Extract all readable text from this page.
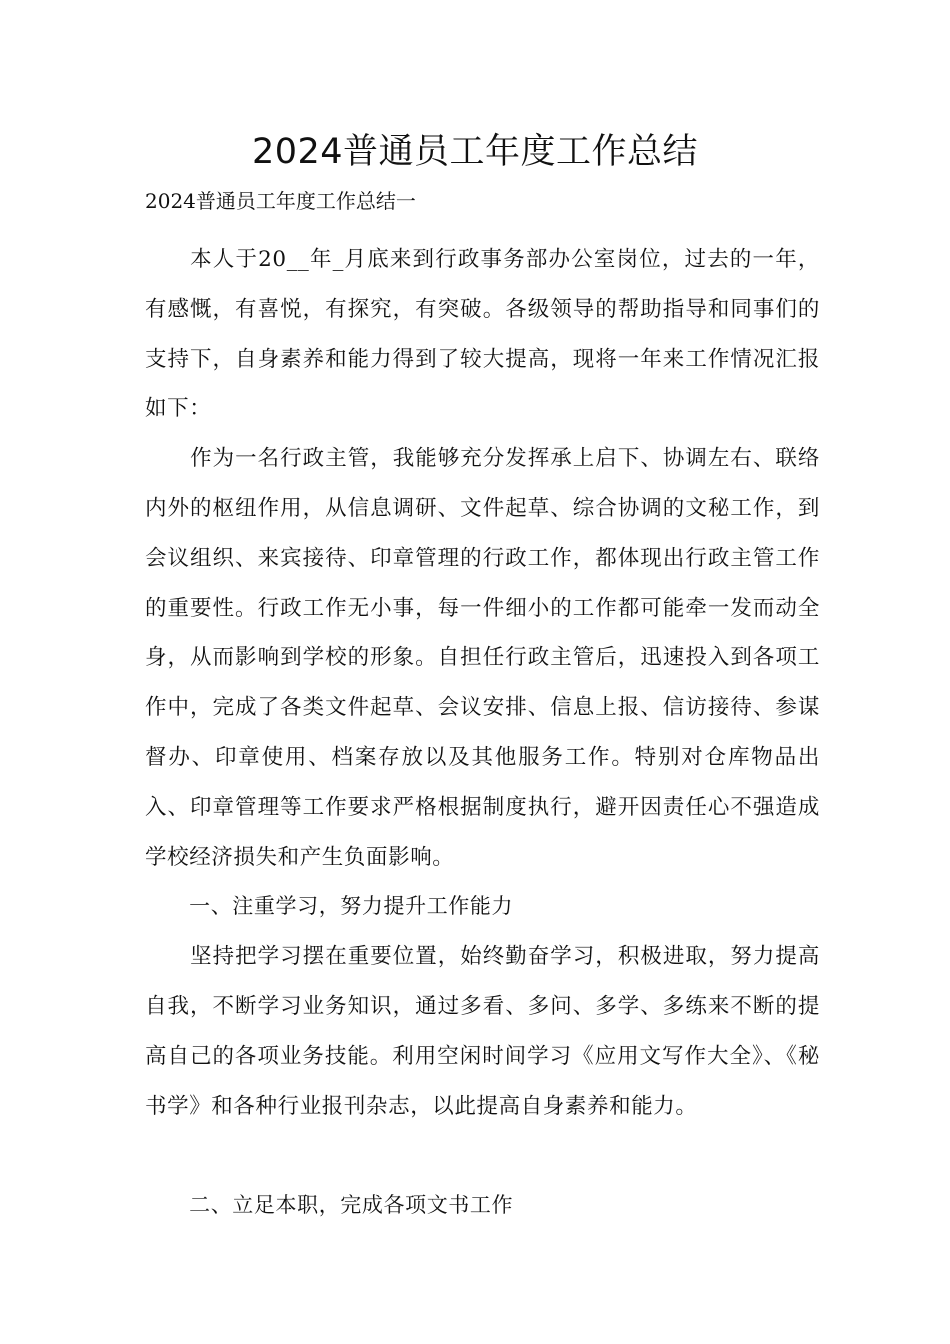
2024普通员工年度工作总结

2024普通员工年度工作总结一

本人于20__年_月底来到行政事务部办公室岗位，过去的一年，有感慨，有喜悦，有探究，有突破。各级领导的帮助指导和同事们的支持下，自身素养和能力得到了较大提高，现将一年来工作情况汇报如下：

作为一名行政主管，我能够充分发挥承上启下、协调左右、联络内外的枢纽作用，从信息调研、文件起草、综合协调的文秘工作，到会议组织、来宾接待、印章管理的行政工作，都体现出行政主管工作的重要性。行政工作无小事，每一件细小的工作都可能牵一发而动全身，从而影响到学校的形象。自担任行政主管后，迅速投入到各项工作中，完成了各类文件起草、会议安排、信息上报、信访接待、参谋督办、印章使用、档案存放以及其他服务工作。特别对仓库物品出入、印章管理等工作要求严格根据制度执行，避开因责任心不强造成学校经济损失和产生负面影响。

一、注重学习，努力提升工作能力

坚持把学习摆在重要位置，始终勤奋学习，积极进取，努力提高自我，不断学习业务知识，通过多看、多问、多学、多练来不断的提高自己的各项业务技能。利用空闲时间学习《应用文写作大全》、《秘书学》和各种行业报刊杂志，以此提高自身素养和能力。

二、立足本职，完成各项文书工作
